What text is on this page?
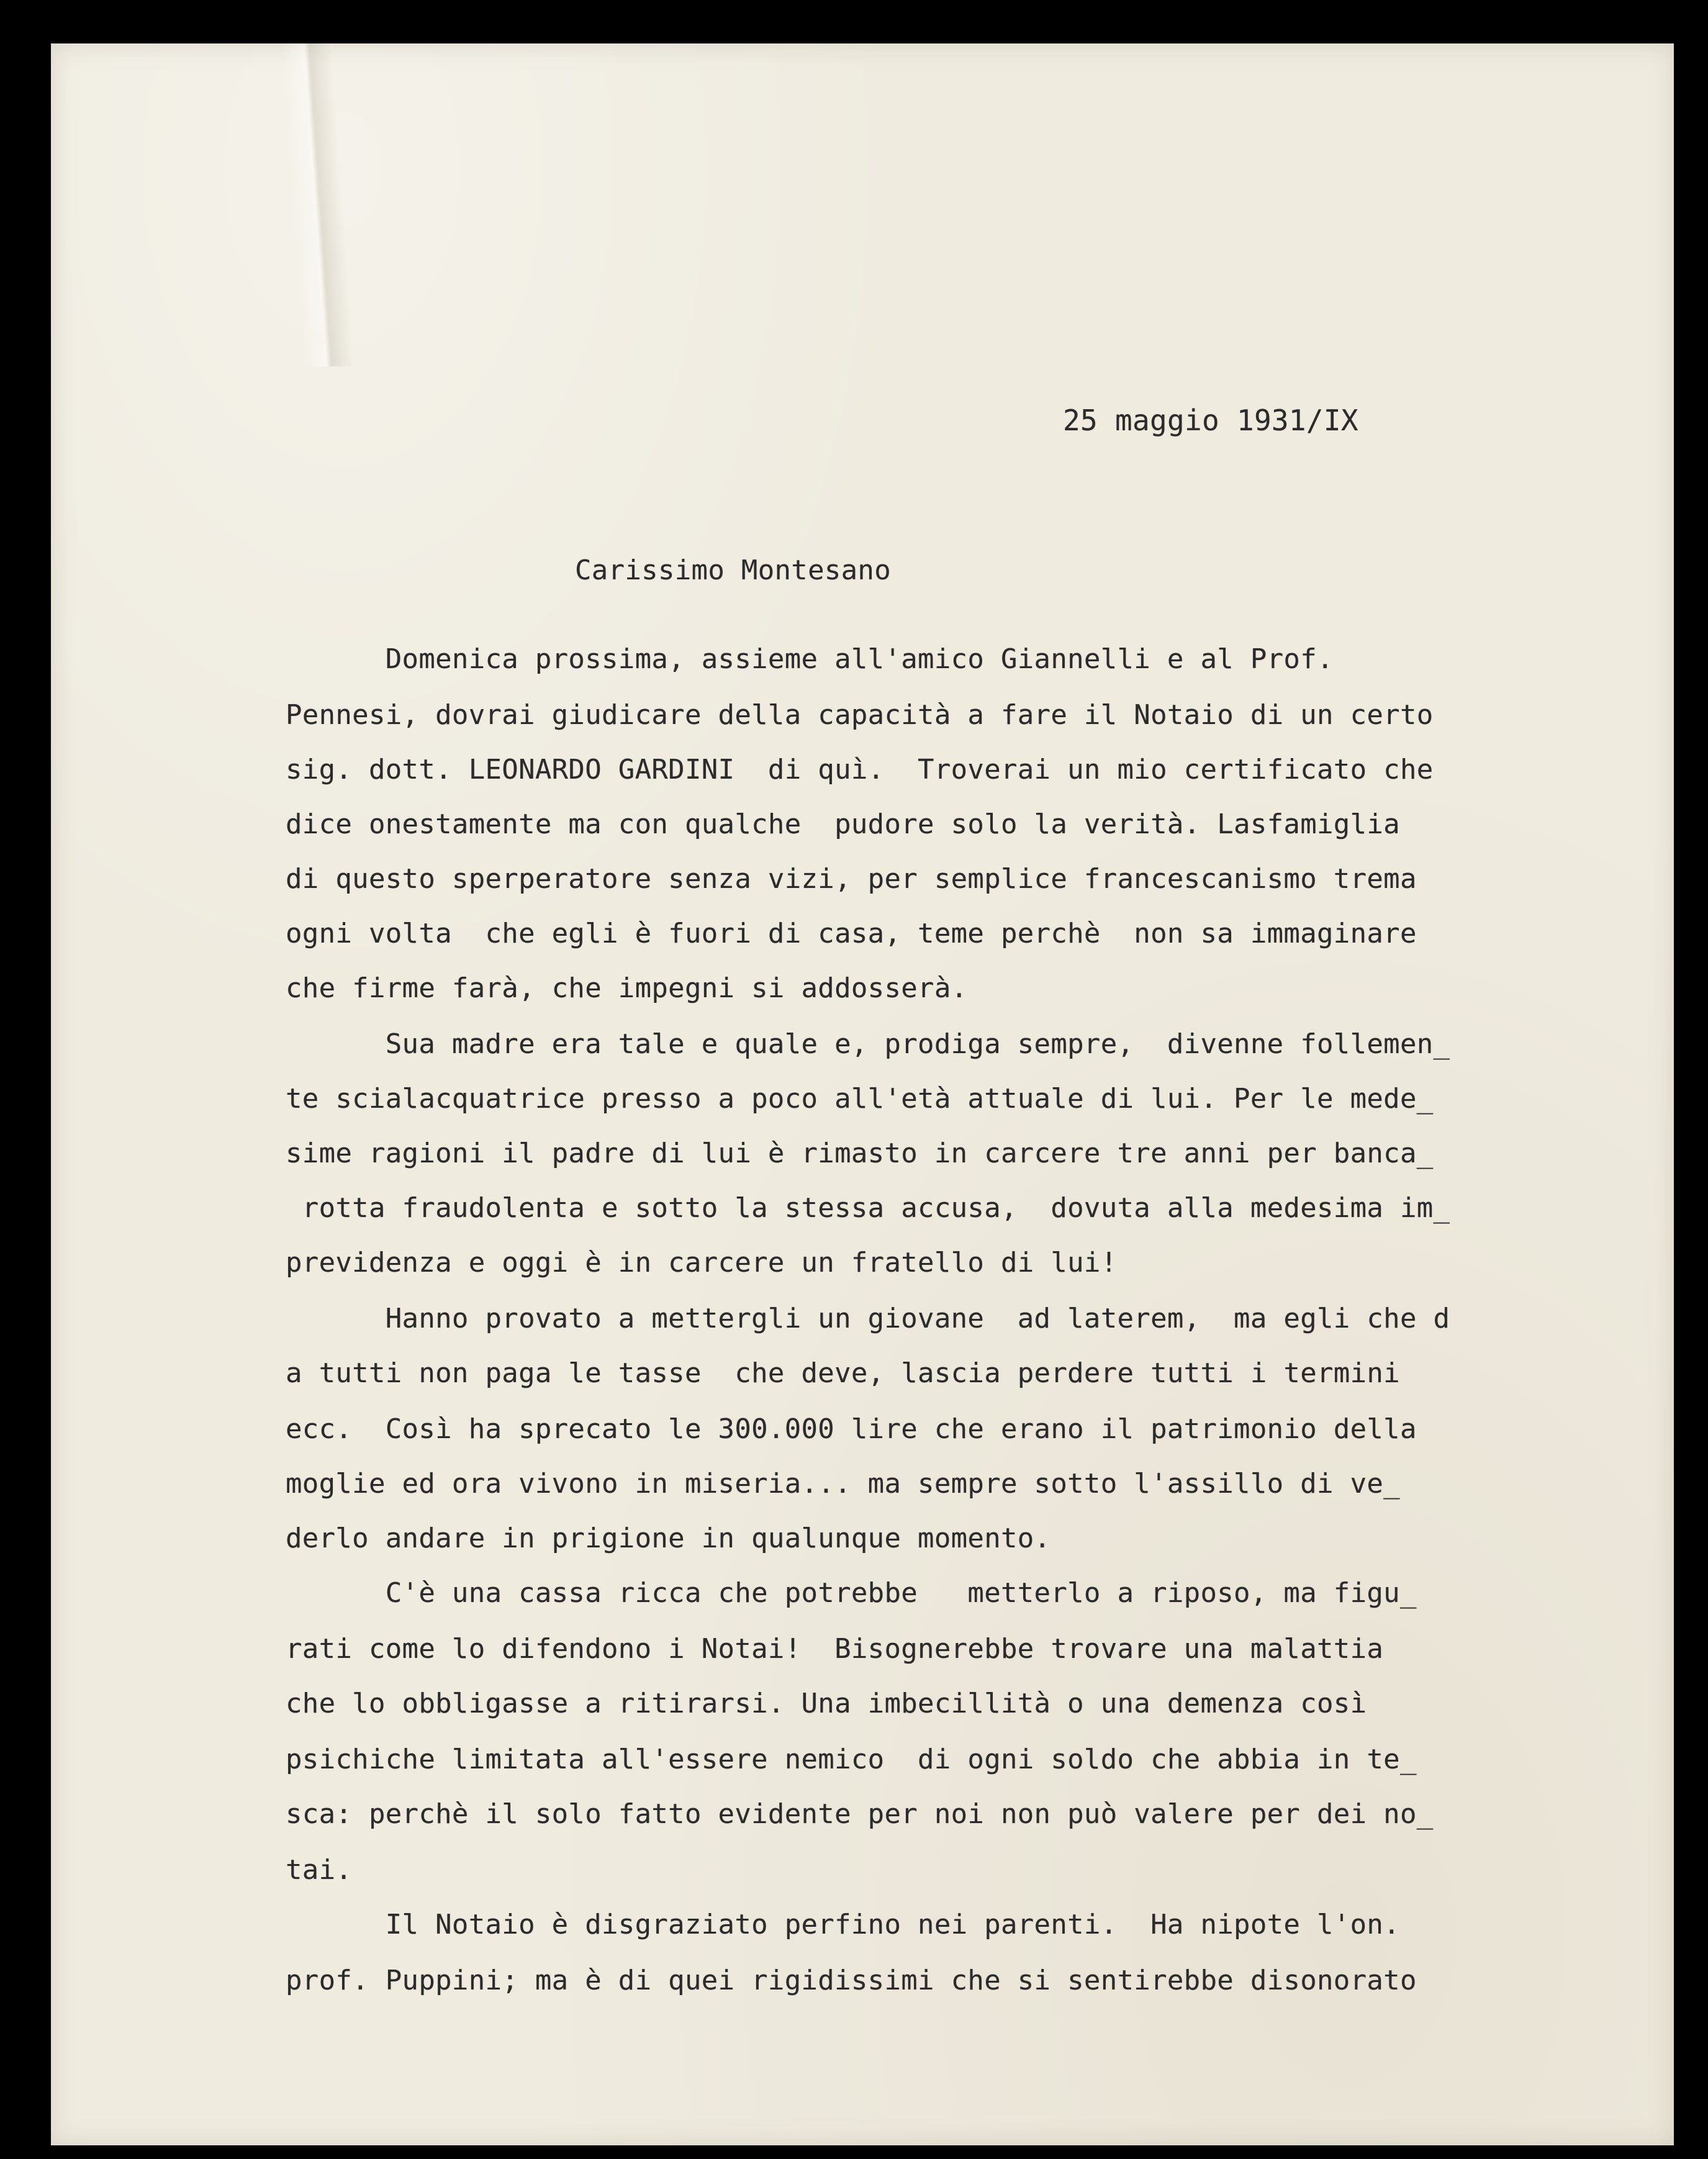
25 maggio 1931/IX

Carissimo Montesano

Domenica prossima, assieme all'amico Giannelli e al Prof.

Pennesi, dovrai giudicare della capacità a fare il Notaio di un certo

sig. dott. LEONARDO GARDINI  di quì.  Troverai un mio certificato che

dice onestamente ma con qualche  pudore solo la verità. Lasfamiglia

di questo sperperatore senza vizi, per semplice francescanismo trema

ogni volta  che egli è fuori di casa, teme perchè  non sa immaginare

che firme farà, che impegni si addosserà.

Sua madre era tale e quale e, prodiga sempre,  divenne follemen_

te scialacquatrice presso a poco all'età attuale di lui. Per le mede_

sime ragioni il padre di lui è rimasto in carcere tre anni per banca_

rotta fraudolenta e sotto la stessa accusa,  dovuta alla medesima im_

previdenza e oggi è in carcere un fratello di lui!

Hanno provato a mettergli un giovane  ad laterem,  ma egli che d

a tutti non paga le tasse  che deve, lascia perdere tutti i termini

ecc.  Così ha sprecato le 300.000 lire che erano il patrimonio della

moglie ed ora vivono in miseria... ma sempre sotto l'assillo di ve_

derlo andare in prigione in qualunque momento.

C'è una cassa ricca che potrebbe   metterlo a riposo, ma figu_

rati come lo difendono i Notai!  Bisognerebbe trovare una malattia

che lo obbligasse a ritirarsi. Una imbecillità o una demenza così

psichiche limitata all'essere nemico  di ogni soldo che abbia in te_

sca: perchè il solo fatto evidente per noi non può valere per dei no_

tai.

Il Notaio è disgraziato perfino nei parenti.  Ha nipote l'on.

prof. Puppini; ma è di quei rigidissimi che si sentirebbe disonorato
